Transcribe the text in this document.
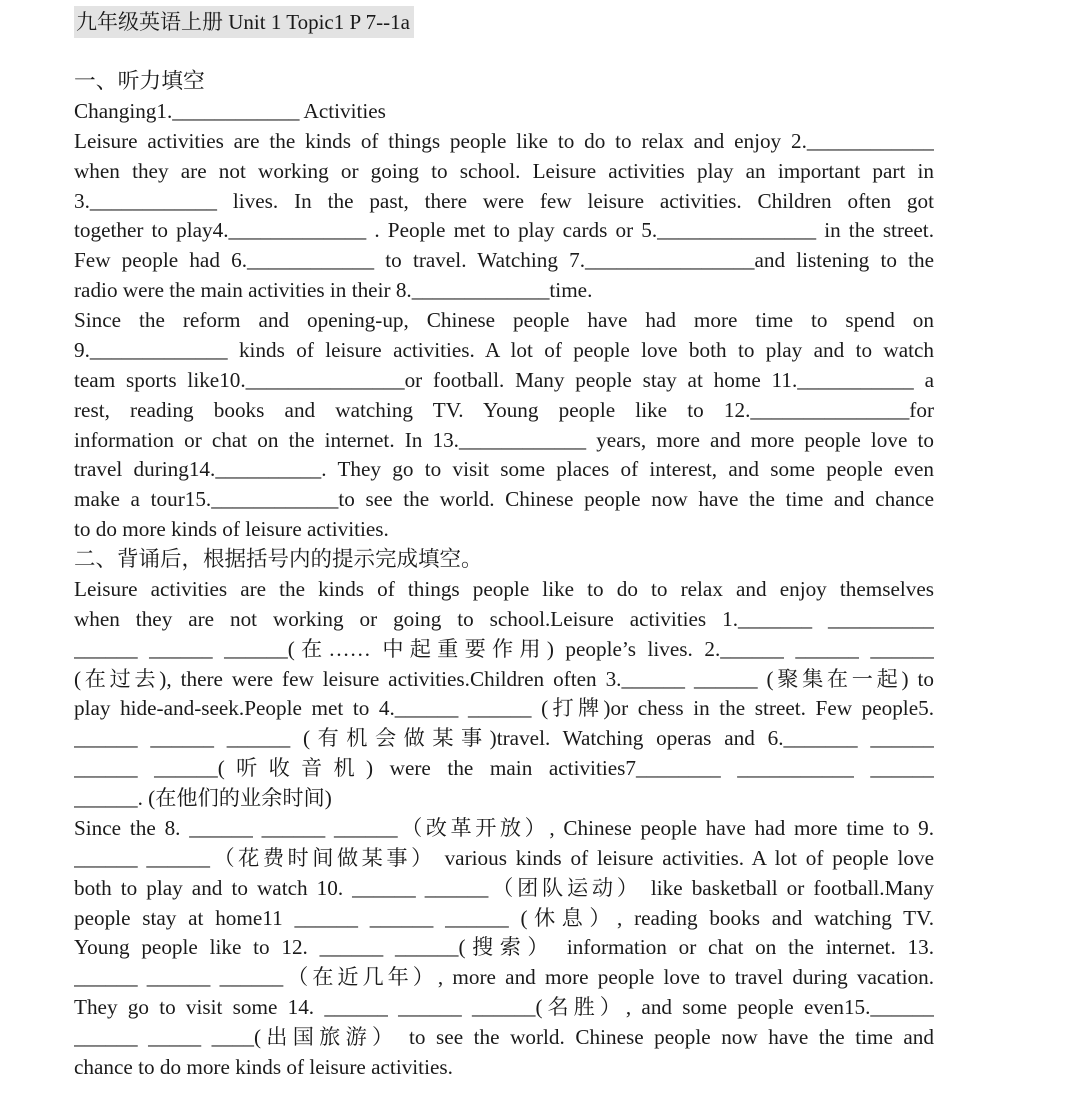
九年级英语上册 Unit 1 Topic1 P 7--1a
一、听力填空
Changing1.____________ Activities
Leisure activities are the kinds of things people like to do to relax and enjoy 2.____________
when they are not working or going to school. Leisure activities play an important part in
3.____________ lives. In the past, there were few leisure activities. Children often got
together to play4._____________ . People met to play cards or 5._______________ in the street.
Few people had 6.____________ to travel. Watching 7.________________and listening to the
radio were the main activities in their 8._____________time.
Since the reform and opening-up, Chinese people have had more time to spend on
9._____________ kinds of leisure activities. A lot of people love both to play and to watch
team sports like10._______________or football. Many people stay at home 11.___________ a
rest, reading books and watching TV. Young people like to 12._______________for
information or chat on the internet. In 13.____________ years, more and more people love to
travel during14.__________. They go to visit some places of interest, and some people even
make a tour15.____________to see the world. Chinese people now have the time and chance
to do more kinds of leisure activities.
二、背诵后，根据括号内的提示完成填空。
Leisure activities are the kinds of things people like to do to relax and enjoy themselves
when they are not working or going to school.Leisure activities 1._______ __________
______ ______ ______(在…… 中起重要作用) people’s lives. 2.______ ______ ______
(在过去), there were few leisure activities.Children often 3.______ ______ (聚集在一起) to
play hide-and-seek.People met to 4.______ ______ (打牌)or chess in the street. Few people5.
______ ______ ______ (有机会做某事)travel. Watching operas and 6._______ ______
______ ______(听收音机) were the main activities7________ ___________ ______
______. (在他们的业余时间)
Since the 8. ______ ______ ______（改革开放）, Chinese people have had more time to 9.
______ ______（花费时间做某事） various kinds of leisure activities. A lot of people love
both to play and to watch 10. ______ ______（团队运动） like basketball or football.Many
people stay at home11 ______ ______ ______ (休息）, reading books and watching TV.
Young people like to 12. ______ ______(搜索） information or chat on the internet. 13.
______ ______ ______（在近几年）, more and more people love to travel during vacation.
They go to visit some 14. ______ ______ ______(名胜）, and some people even15.______
______ _____ ____(出国旅游） to see the world. Chinese people now have the time and
chance to do more kinds of leisure activities.
